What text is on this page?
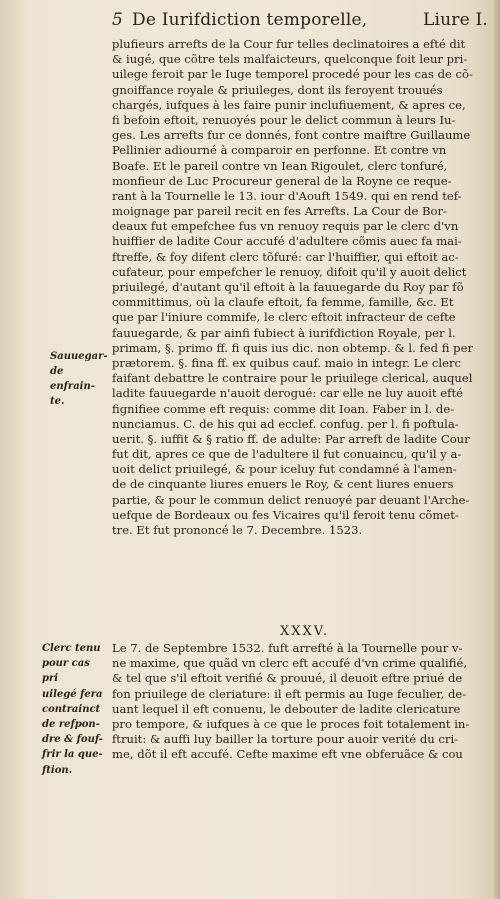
5 De Iurifdiction temporelle,	Liure I.
plufieurs arrefts de la Cour fur telles declinatoires a efté dit
& iugé, que cõtre tels malfaicteurs, quelconque foit leur pri-
uilege feroit par le Iuge temporel procedé pour les cas de cõ-
gnoiffance royale & priuileges, dont ils feroyent trouués
chargés, iufques à les faire punir inclufiuement, & apres ce,
fi befoin eftoit, renuoyés pour le delict commun à leurs Iu-
ges. Les arrefts fur ce donnés, font contre maiftre Guillaume
Pellinier adiourné à comparoir en perfonne. Et contre vn
Boafe. Et le pareil contre vn Iean Rigoulet, clerc tonfuré,
monfieur de Luc Procureur general de la Royne ce reque-
rant à la Tournelle le 13. iour d'Aouft 1549. qui en rend tef-
moignage par pareil recit en fes Arrefts. La Cour de Bor-
deaux fut empefchee fus vn renuoy requis par le clerc d'vn
huiffier de ladite Cour accufé d'adultere cõmis auec fa mai-
ftreffe, & foy difent clerc tõfuré: car l'huiffier, qui eftoit ac-
cufateur, pour empefcher le renuoy, difoit qu'il y auoit delict
priuilegé, d'autant qu'il eftoit à la fauuegarde du Roy par fõ
committimus, où la claufe eftoit, fa femme, famille, &c. Et
que par l'iniure commife, le clerc eftoit infracteur de cefte
fauuegarde, & par ainfi fubiect à iurifdiction Royale, per l.
primam, §. primo ff. fi quis ius dic. non obtemp. & l. fed fi per
prætorem. §. fina ff. ex quibus cauf. maio in integr. Le clerc
faifant debattre le contraire pour le priuilege clerical, auquel
ladite fauuegarde n'auoit derogué: car elle ne luy auoit efté
fignifiee comme eft requis: comme dit Ioan. Faber in l. de-
nunciamus. C. de his qui ad ecclef. confug. per l. fi poftula-
uerit. §. iuffit & § ratio ff. de adulte: Par arreft de ladite Cour
fut dit, apres ce que de l'adultere il fut conuaincu, qu'il y a-
uoit delict priuilegé, & pour iceluy fut condamné à l'amen-
de de cinquante liures enuers le Roy, & cent liures enuers
partie, & pour le commun delict renuoyé par deuant l'Arche-
uefque de Bordeaux ou fes Vicaires qu'il feroit tenu cõmet-
tre. Et fut prononcé le 7. Decembre. 1523.
Sauuegar-
de enfrain-
te.
XXXV.
Le 7. de Septembre 1532. fuft arrefté à la Tournelle pour v-
ne maxime, que quãd vn clerc eft accufé d'vn crime qualifié,
& tel que s'il eftoit verifié & prouué, il deuoit eftre priué de
fon priuilege de cleriature: il eft permis au Iuge feculier, de-
uant lequel il eft conuenu, le debouter de ladite clericature
pro tempore, & iufques à ce que le proces foit totalement in-
ftruit: & auffi luy bailler la torture pour auoir verité du cri-
me, dõt il eft accufé. Cefte maxime eft vne obferuãce & cou
Clerc tenu
pour cas pri
uilegé fera
contrainct
de refpon-
dre & fouf-
frir la que-
ftion.
